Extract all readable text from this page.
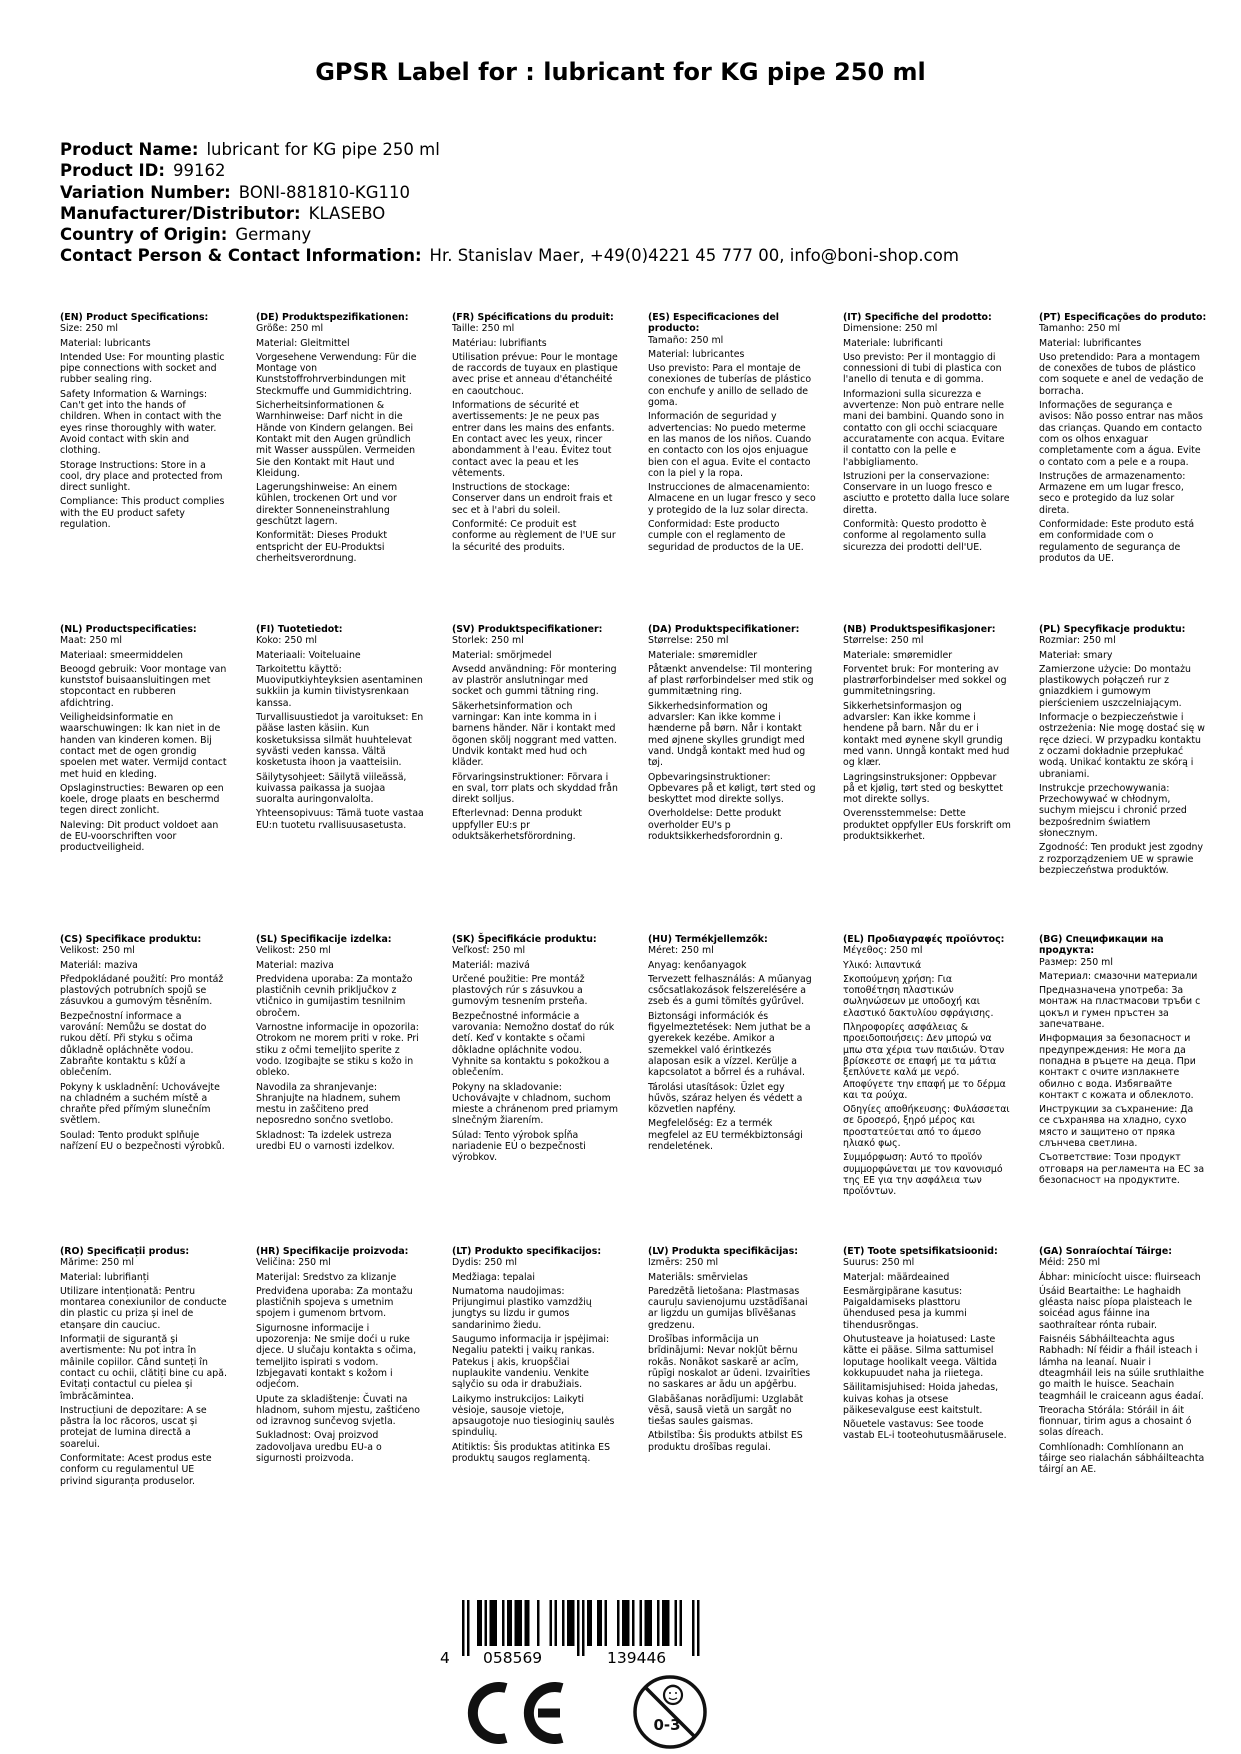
GPSR Label for : lubricant for KG pipe 250 ml
Product Name: lubricant for KG pipe 250 ml
Product ID: 99162
Variation Number: BONI-881810-KG110
Manufacturer/Distributor: KLASEBO
Country of Origin: Germany
Contact Person & Contact Information: Hr. Stanislav Maer, +49(0)4221 45 777 00, info@boni-shop.com
(EN) Product Specifications:
Size: 250 ml
Material: lubricants
Intended Use: For mounting plastic pipe connections with socket and rubber sealing ring.
Safety Information & Warnings: Can't get into the hands of children. When in contact with the eyes rinse thoroughly with water. Avoid contact with skin and clothing.
Storage Instructions: Store in a cool, dry place and protected from direct sunlight.
Compliance: This product complies with the EU product safety regulation.
(DE) Produktspezifikationen:
Größe: 250 ml
Material: Gleitmittel
Vorgesehene Verwendung: Für die Montage von Kunststoffrohrverbindungen mit Steckmuffe und Gummidichtring.
Sicherheitsinformationen & Warnhinweise: Darf nicht in die Hände von Kindern gelangen. Bei Kontakt mit den Augen gründlich mit Wasser ausspülen. Vermeiden Sie den Kontakt mit Haut und Kleidung.
Lagerungshinweise: An einem kühlen, trockenen Ort und vor direkter Sonneneinstrahlung geschützt lagern.
Konformität: Dieses Produkt entspricht der EU-Produktsi cherheitsverordnung.
(FR) Spécifications du produit:
Taille: 250 ml
Matériau: lubrifiants
Utilisation prévue: Pour le montage de raccords de tuyaux en plastique avec prise et anneau d'étanchéité en caoutchouc.
Informations de sécurité et avertissements: Je ne peux pas entrer dans les mains des enfants. En contact avec les yeux, rincer abondamment à l'eau. Évitez tout contact avec la peau et les vêtements.
Instructions de stockage: Conserver dans un endroit frais et sec et à l'abri du soleil.
Conformité: Ce produit est conforme au règlement de l'UE sur la sécurité des produits.
(ES) Especificaciones del producto:
Tamaño: 250 ml
Material: lubricantes
Uso previsto: Para el montaje de conexiones de tuberías de plástico con enchufe y anillo de sellado de goma.
Información de seguridad y advertencias: No puedo meterme en las manos de los niños. Cuando en contacto con los ojos enjuague bien con el agua. Evite el contacto con la piel y la ropa.
Instrucciones de almacenamiento: Almacene en un lugar fresco y seco y protegido de la luz solar directa.
Conformidad: Este producto cumple con el reglamento de seguridad de productos de la UE.
(IT) Specifiche del prodotto:
Dimensione: 250 ml
Materiale: lubrificanti
Uso previsto: Per il montaggio di connessioni di tubi di plastica con l'anello di tenuta e di gomma.
Informazioni sulla sicurezza e avvertenze: Non può entrare nelle mani dei bambini. Quando sono in contatto con gli occhi sciacquare accuratamente con acqua. Evitare il contatto con la pelle e l'abbigliamento.
Istruzioni per la conservazione: Conservare in un luogo fresco e asciutto e protetto dalla luce solare diretta.
Conformità: Questo prodotto è conforme al regolamento sulla sicurezza dei prodotti dell'UE.
(PT) Especificações do produto:
Tamanho: 250 ml
Material: lubrificantes
Uso pretendido: Para a montagem de conexões de tubos de plástico com soquete e anel de vedação de borracha.
Informações de segurança e avisos: Não posso entrar nas mãos das crianças. Quando em contacto com os olhos enxaguar completamente com a água. Evite o contato com a pele e a roupa.
Instruções de armazenamento: Armazene em um lugar fresco, seco e protegido da luz solar direta.
Conformidade: Este produto está em conformidade com o regulamento de segurança de produtos da UE.
(NL) Productspecificaties:
Maat: 250 ml
Materiaal: smeermiddelen
Beoogd gebruik: Voor montage van kunststof buisaansluitingen met stopcontact en rubberen afdichtring.
Veiligheidsinformatie en waarschuwingen: Ik kan niet in de handen van kinderen komen. Bij contact met de ogen grondig spoelen met water. Vermijd contact met huid en kleding.
Opslaginstructies: Bewaren op een koele, droge plaats en beschermd tegen direct zonlicht.
Naleving: Dit product voldoet aan de EU-voorschriften voor productveiligheid.
(FI) Tuotetiedot:
Koko: 250 ml
Materiaali: Voiteluaine
Tarkoitettu käyttö: Muoviputkiyhteyksien asentaminen sukkiin ja kumin tiivistysrenkaan kanssa.
Turvallisuustiedot ja varoitukset: En pääse lasten käsiin. Kun kosketuksissa silmät huuhtelevat syvästi veden kanssa. Vältä kosketusta ihoon ja vaatteisiin.
Säilytysohjeet: Säilytä viileässä, kuivassa paikassa ja suojaa suoralta auringonvalolta.
Yhteensopivuus: Tämä tuote vastaa EU:n tuotetu rvallisuusasetusta.
(SV) Produktspecifikationer:
Storlek: 250 ml
Material: smörjmedel
Avsedd användning: För montering av plaströr anslutningar med socket och gummi tätning ring.
Säkerhetsinformation och varningar: Kan inte komma in i barnens händer. När i kontakt med ögonen skölj noggrant med vatten. Undvik kontakt med hud och kläder.
Förvaringsinstruktioner: Förvara i en sval, torr plats och skyddad från direkt solljus.
Efterlevnad: Denna produkt uppfyller EU:s pr oduktsäkerhetsförordning.
(DA) Produktspecifikationer:
Størrelse: 250 ml
Materiale: smøremidler
Påtænkt anvendelse: Til montering af plast rørforbindelser med stik og gummitætning ring.
Sikkerhedsinformation og advarsler: Kan ikke komme i hænderne på børn. Når i kontakt med øjnene skylles grundigt med vand. Undgå kontakt med hud og tøj.
Opbevaringsinstruktioner: Opbevares på et køligt, tørt sted og beskyttet mod direkte sollys.
Overholdelse: Dette produkt overholder EU's p roduktsikkerhedsforordnin g.
(NB) Produktspesifikasjoner:
Størrelse: 250 ml
Materiale: smøremidler
Forventet bruk: For montering av plastrørforbindelser med sokkel og gummitetningsring.
Sikkerhetsinformasjon og advarsler: Kan ikke komme i hendene på barn. Når du er i kontakt med øynene skyll grundig med vann. Unngå kontakt med hud og klær.
Lagringsinstruksjoner: Oppbevar på et kjølig, tørt sted og beskyttet mot direkte sollys.
Overensstemmelse: Dette produktet oppfyller EUs forskrift om produktsikkerhet.
(PL) Specyfikacje produktu:
Rozmiar: 250 ml
Materiał: smary
Zamierzone użycie: Do montażu plastikowych połączeń rur z gniazdkiem i gumowym pierścieniem uszczelniającym.
Informacje o bezpieczeństwie i ostrzeżenia: Nie mogę dostać się w ręce dzieci. W przypadku kontaktu z oczami dokładnie przepłukać wodą. Unikać kontaktu ze skórą i ubraniami.
Instrukcje przechowywania: Przechowywać w chłodnym, suchym miejscu i chronić przed bezpośrednim światłem słonecznym.
Zgodność: Ten produkt jest zgodny z rozporządzeniem UE w sprawie bezpieczeństwa produktów.
(CS) Specifikace produktu:
Velikost: 250 ml
Materiál: maziva
Předpokládané použití: Pro montáž plastových potrubních spojů se zásuvkou a gumovým těsněním.
Bezpečnostní informace a varování: Nemůžu se dostat do rukou dětí. Při styku s očima důkladně opláchněte vodou. Zabraňte kontaktu s kůží a oblečením.
Pokyny k uskladnění: Uchovávejte na chladném a suchém místě a chraňte před přímým slunečním světlem.
Soulad: Tento produkt splňuje nařízení EU o bezpečnosti výrobků.
(SL) Specifikacije izdelka:
Velikost: 250 ml
Material: maziva
Predvidena uporaba: Za montažo plastičnih cevnih priključkov z vtičnico in gumijastim tesnilnim obročem.
Varnostne informacije in opozorila: Otrokom ne morem priti v roke. Pri stiku z očmi temeljito sperite z vodo. Izogibajte se stiku s kožo in obleko.
Navodila za shranjevanje: Shranjujte na hladnem, suhem mestu in zaščiteno pred neposredno sončno svetlobo.
Skladnost: Ta izdelek ustreza uredbi EU o varnosti izdelkov.
(SK) Špecifikácie produktu:
Veľkosť: 250 ml
Materiál: mazivá
Určené použitie: Pre montáž plastových rúr s zásuvkou a gumovým tesnením prsteňa.
Bezpečnostné informácie a varovania: Nemožno dostať do rúk detí. Keď v kontakte s očami dôkladne opláchnite vodou. Vyhnite sa kontaktu s pokožkou a oblečením.
Pokyny na skladovanie: Uchovávajte v chladnom, suchom mieste a chránenom pred priamym slnečným žiarením.
Súlad: Tento výrobok spĺňa nariadenie EÚ o bezpečnosti výrobkov.
(HU) Termékjellemzők:
Méret: 250 ml
Anyag: kenőanyagok
Tervezett felhasználás: A műanyag csőcsatlakozások felszerelésére a zseb és a gumi tömítés gyűrűvel.
Biztonsági információk és figyelmeztetések: Nem juthat be a gyerekek kezébe. Amikor a szemekkel való érintkezés alaposan esik a vízzel. Kerülje a kapcsolatot a bőrrel és a ruhával.
Tárolási utasítások: Üzlet egy hűvös, száraz helyen és védett a közvetlen napfény.
Megfelelőség: Ez a termék megfelel az EU termékbiztonsági rendeletének.
(EL) Προδιαγραφές προϊόντος:
Μέγεθος: 250 ml
Υλικό: λιπαντικά
Σκοπούμενη χρήση: Για τοποθέτηση πλαστικών σωληνώσεων με υποδοχή και ελαστικό δακτυλίου σφράγισης.
Πληροφορίες ασφάλειας & προειδοποιήσεις: Δεν μπορώ να μπω στα χέρια των παιδιών. Όταν βρίσκεστε σε επαφή με τα μάτια ξεπλύνετε καλά με νερό. Αποφύγετε την επαφή με το δέρμα και τα ρούχα.
Οδηγίες αποθήκευσης: Φυλάσσεται σε δροσερό, ξηρό μέρος και προστατεύεται από το άμεσο ηλιακό φως.
Συμμόρφωση: Αυτό το προϊόν συμμορφώνεται με τον κανονισμό της ΕΕ για την ασφάλεια των προϊόντων.
(BG) Спецификации на продукта:
Размер: 250 ml
Материал: смазочни материали
Предназначена употреба: За монтаж на пластмасови тръби с цокъл и гумен пръстен за запечатване.
Информация за безопасност и предупреждения: Не мога да попадна в ръцете на деца. При контакт с очите изплакнете обилно с вода. Избягвайте контакт с кожата и облеклото.
Инструкции за съхранение: Да се съхранява на хладно, сухо място и защитено от пряка слънчева светлина.
Съответствие: Този продукт отговаря на регламента на ЕС за безопасност на продуктите.
(RO) Specificații produs:
Mărime: 250 ml
Material: lubrifianți
Utilizare intenționată: Pentru montarea conexiunilor de conducte din plastic cu priza și inel de etanșare din cauciuc.
Informații de siguranță și avertismente: Nu pot intra în mâinile copiilor. Când sunteți în contact cu ochii, clătiți bine cu apă. Evitați contactul cu pielea și îmbrăcămintea.
Instrucțiuni de depozitare: A se păstra la loc răcoros, uscat și protejat de lumina directă a soarelui.
Conformitate: Acest produs este conform cu regulamentul UE privind siguranța produselor.
(HR) Specifikacije proizvoda:
Veličina: 250 ml
Materijal: Sredstvo za klizanje
Predviđena uporaba: Za montažu plastičnih spojeva s umetnim spojem i gumenom brtvom.
Sigurnosne informacije i upozorenja: Ne smije doći u ruke djece. U slučaju kontakta s očima, temeljito ispirati s vodom. Izbjegavati kontakt s kožom i odjećom.
Upute za skladištenje: Čuvati na hladnom, suhom mjestu, zaštićeno od izravnog sunčevog svjetla.
Sukladnost: Ovaj proizvod zadovoljava uredbu EU-a o sigurnosti proizvoda.
(LT) Produkto specifikacijos:
Dydis: 250 ml
Medžiaga: tepalai
Numatoma naudojimas: Prijungimui plastiko vamzdžių jungtys su lizdu ir gumos sandarinimo žiedu.
Saugumo informacija ir įspėjimai: Negaliu patekti į vaikų rankas. Patekus į akis, kruopščiai nuplaukite vandeniu. Venkite sąlyčio su oda ir drabužiais.
Laikymo instrukcijos: Laikyti vėsioje, sausoje vietoje, apsaugotoje nuo tiesioginių saulės spindulių.
Atitiktis: Šis produktas atitinka ES produktų saugos reglamentą.
(LV) Produkta specifikācijas:
Izmērs: 250 ml
Materiāls: smērvielas
Paredzētā lietošana: Plastmasas cauruļu savienojumu uzstādīšanai ar ligzdu un gumijas blīvēšanas gredzenu.
Drošības informācija un brīdinājumi: Nevar nokļūt bērnu rokās. Nonākot saskarē ar acīm, rūpīgi noskalot ar ūdeni. Izvairīties no saskares ar ādu un apģērbu.
Glabāšanas norādījumi: Uzglabāt vēsā, sausā vietā un sargāt no tiešas saules gaismas.
Atbilstība: Šis produkts atbilst ES produktu drošības regulai.
(ET) Toote spetsifikatsioonid:
Suurus: 250 ml
Materjal: määrdeained
Eesmärgipärane kasutus: Paigaldamiseks plasttoru ühendused pesa ja kummi tihendusrõngas.
Ohutusteave ja hoiatused: Laste kätte ei pääse. Silma sattumisel loputage hoolikalt veega. Vältida kokkupuudet naha ja riietega.
Säilitamisjuhised: Hoida jahedas, kuivas kohas ja otsese päikesevalguse eest kaitstult.
Nõuetele vastavus: See toode vastab EL-i tooteohutusmäärusele.
(GA) Sonraíochtaí Táirge:
Méid: 250 ml
Ábhar: minicíocht uisce: fluirseach
Úsáid Beartaithe: Le haghaidh gléasta naisc píopa plaisteach le soicéad agus fáinne ina saothraítear rónta rubair.
Faisnéis Sábháilteachta agus Rabhadh: Ní féidir a fháil isteach i lámha na leanaí. Nuair i dteagmháil leis na súile sruthlaithe go maith le huisce. Seachain teagmháil le craiceann agus éadaí.
Treoracha Stórála: Stóráil in áit fionnuar, tirim agus a chosaint ó solas díreach.
Comhlíonadh: Comhlíonann an táirge seo rialachán sábháilteachta táirgí an AE.
4 058569	139446
0-3
